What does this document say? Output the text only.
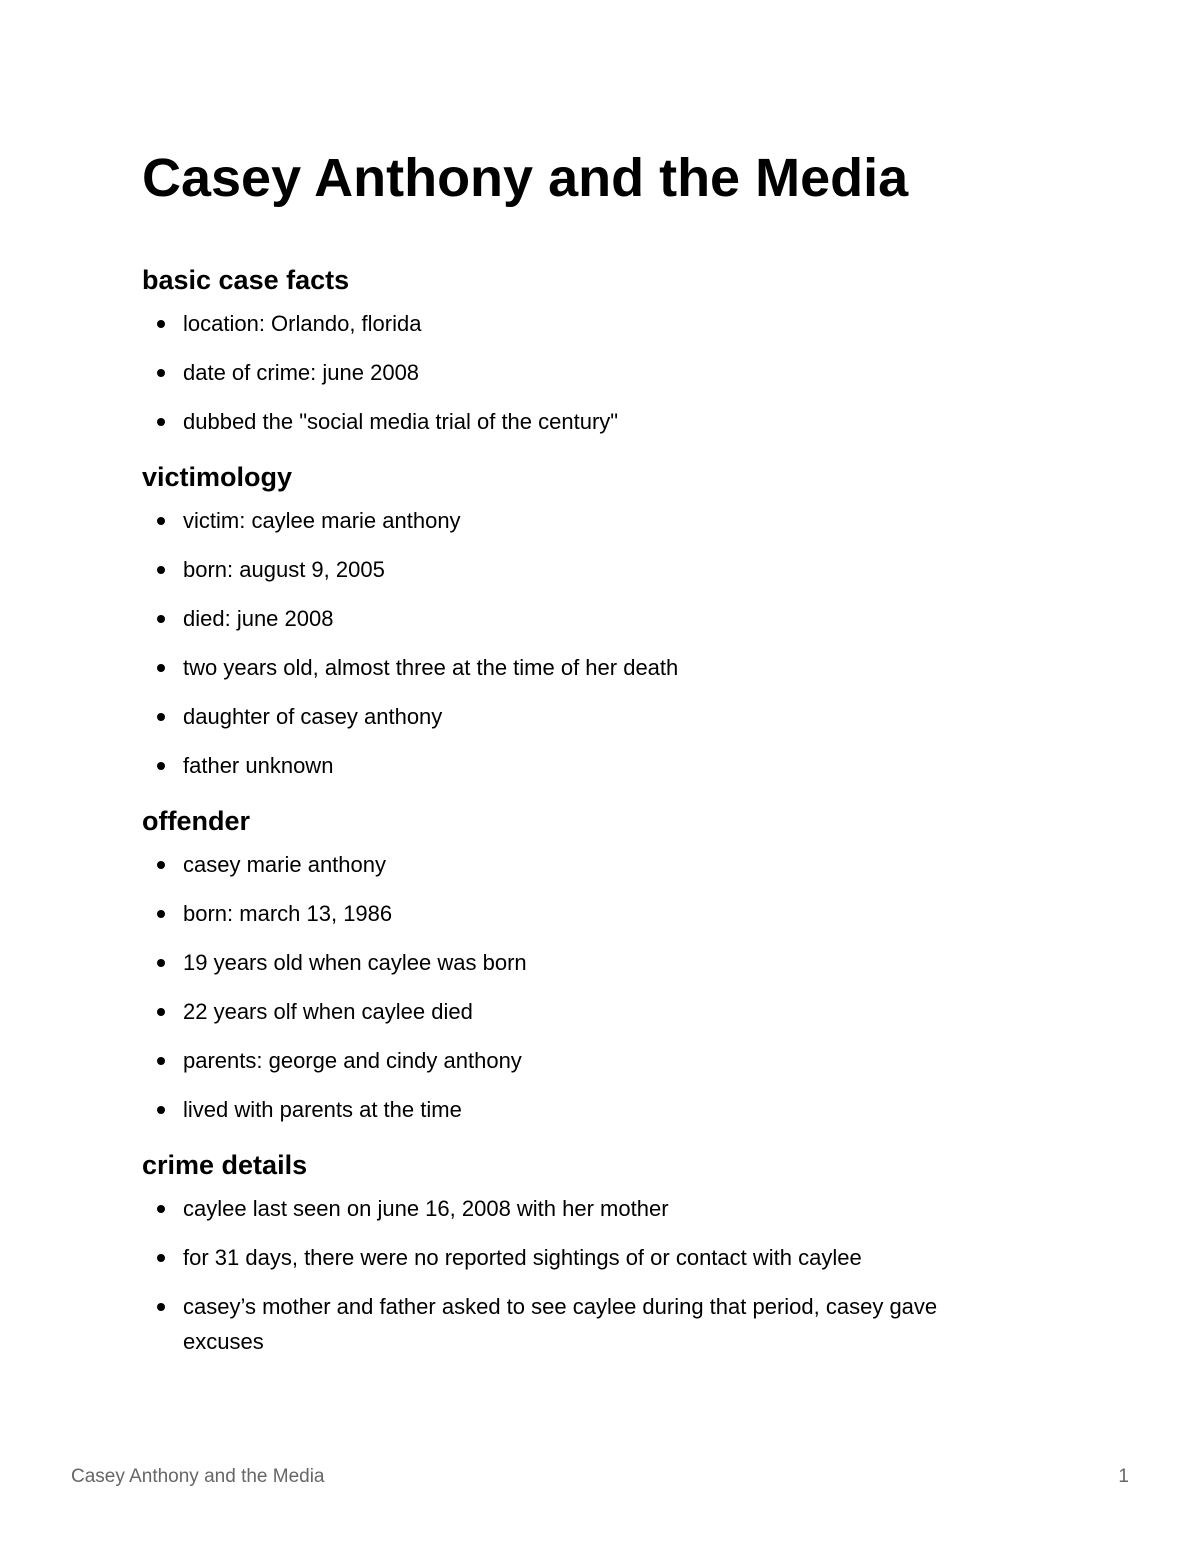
Casey Anthony and the Media
basic case facts
location: Orlando, florida
date of crime: june 2008
dubbed the "social media trial of the century"
victimology
victim: caylee marie anthony
born: august 9, 2005
died: june 2008
two years old, almost three at the time of her death
daughter of casey anthony
father unknown
offender
casey marie anthony
born: march 13, 1986
19 years old when caylee was born
22 years olf when caylee died
parents: george and cindy anthony
lived with parents at the time
crime details
caylee last seen on june 16, 2008 with her mother
for 31 days, there were no reported sightings of or contact with caylee
casey’s mother and father asked to see caylee during that period, casey gave excuses
Casey Anthony and the Media	1
